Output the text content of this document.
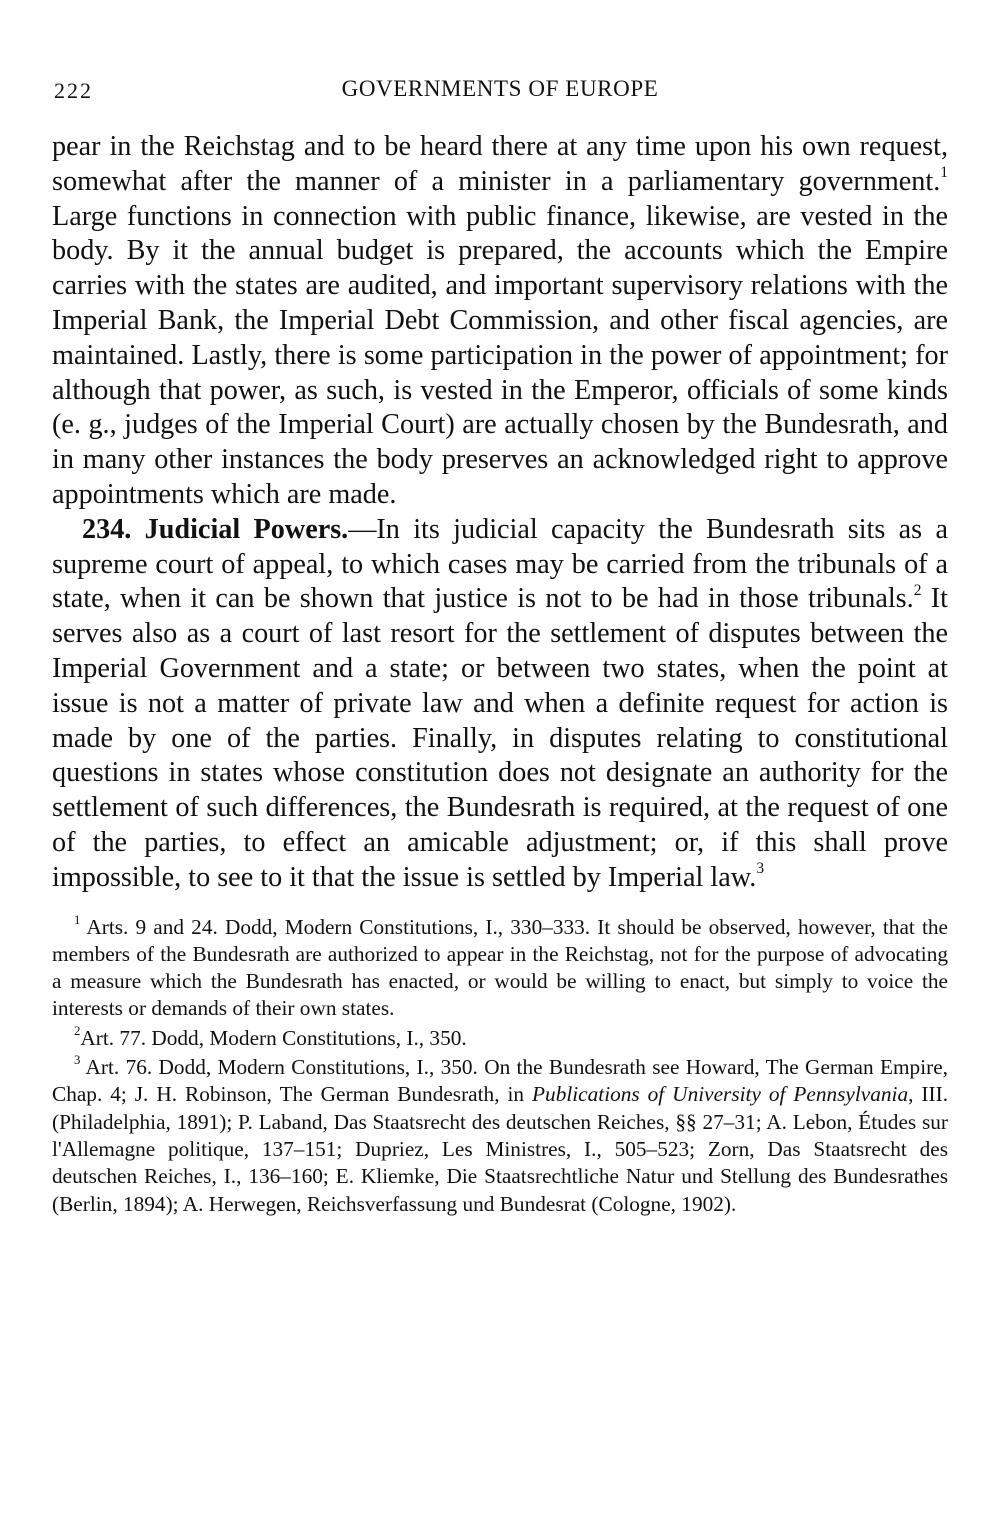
222	GOVERNMENTS OF EUROPE

pear in the Reichstag and to be heard there at any time upon his own request, somewhat after the manner of a minister in a parliamentary government.$^1$ Large functions in connection with public finance, likewise, are vested in the body. By it the annual budget is prepared, the accounts which the Empire carries with the states are audited, and important supervisory relations with the Imperial Bank, the Imperial Debt Commission, and other fiscal agencies, are maintained. Lastly, there is some participation in the power of appointment; for although that power, as such, is vested in the Emperor, officials of some kinds (e. g., judges of the Imperial Court) are actually chosen by the Bundesrath, and in many other instances the body preserves an acknowledged right to approve appointments which are made.

234. Judicial Powers.—In its judicial capacity the Bundesrath sits as a supreme court of appeal, to which cases may be carried from the tribunals of a state, when it can be shown that justice is not to be had in those tribunals.$^2$ It serves also as a court of last resort for the settlement of disputes between the Imperial Government and a state; or between two states, when the point at issue is not a matter of private law and when a definite request for action is made by one of the parties. Finally, in disputes relating to constitutional questions in states whose constitution does not designate an authority for the settlement of such differences, the Bundesrath is required, at the request of one of the parties, to effect an amicable adjustment; or, if this shall prove impossible, to see to it that the issue is settled by Imperial law.$^3$

$^1$ Arts. 9 and 24. Dodd, Modern Constitutions, I., 330–333. It should be observed, however, that the members of the Bundesrath are authorized to appear in the Reichstag, not for the purpose of advocating a measure which the Bundesrath has enacted, or would be willing to enact, but simply to voice the interests or demands of their own states.

$^2$Art. 77. Dodd, Modern Constitutions, I., 350.

$^3$ Art. 76. Dodd, Modern Constitutions, I., 350. On the Bundesrath see Howard, The German Empire, Chap. 4; J. H. Robinson, The German Bundesrath, in Publications of University of Pennsylvania, III. (Philadelphia, 1891); P. Laband, Das Staatsrecht des deutschen Reiches, §§ 27–31; A. Lebon, Études sur l'Allemagne politique, 137–151; Dupriez, Les Ministres, I., 505–523; Zorn, Das Staatsrecht des deutschen Reiches, I., 136–160; E. Kliemke, Die Staatsrechtliche Natur und Stellung des Bundesrathes (Berlin, 1894); A. Herwegen, Reichsverfassung und Bundesrat (Cologne, 1902).
